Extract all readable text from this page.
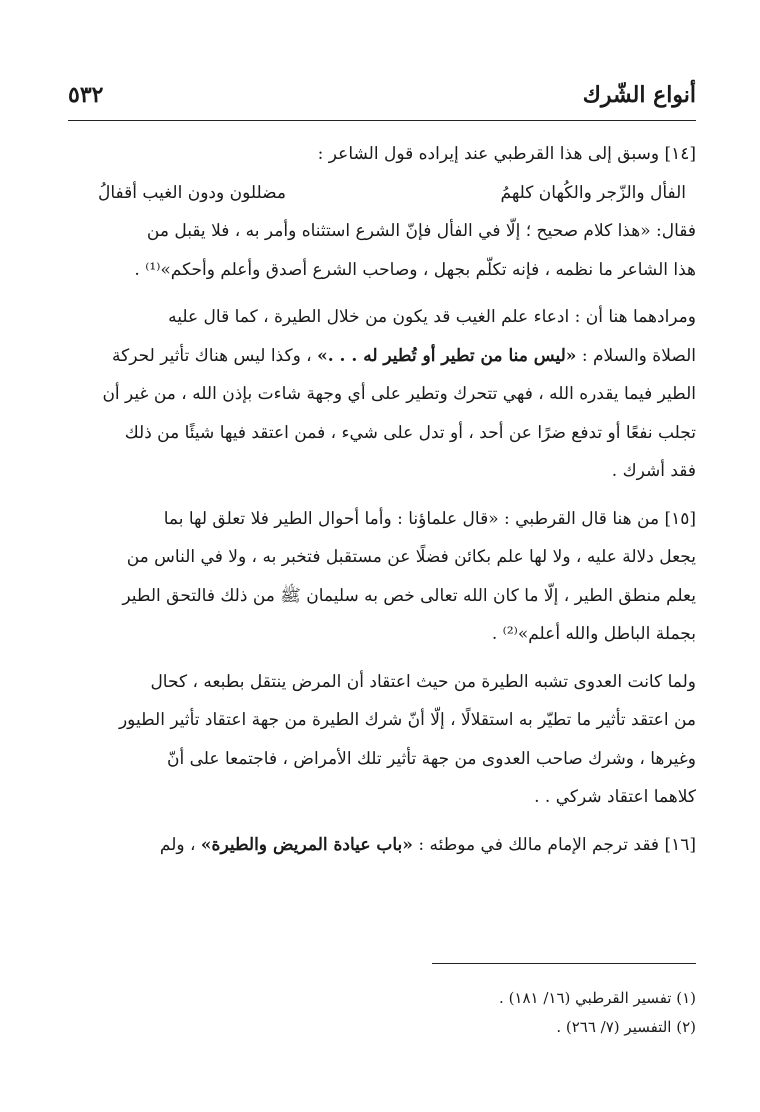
٥٣٢	أنواع الشّرك

[١٤] وسبق إلى هذا القرطبي عند إيراده قول الشاعر :

الفأل والزّجر والكُهان كلهمُ
مضللون ودون الغيب أقفالُ

فقال: «هذا كلام صحيح ؛ إلّا في الفأل فإنّ الشرع استثناه وأمر به ، فلا يقبل من

هذا الشاعر ما نظمه ، فإنه تكلّم بجهل ، وصاحب الشرع أصدق وأعلم وأحكم»⁽¹⁾ .

ومرادهما هنا أن : ادعاء علم الغيب قد يكون من خلال الطيرة ، كما قال عليه

الصلاة والسلام : «ليس منا من تطير أو تُطير له . . .» ، وكذا ليس هناك تأثير لحركة

الطير فيما يقدره الله ، فهي تتحرك وتطير على أي وجهة شاءت بإذن الله ، من غير أن

تجلب نفعًا أو تدفع ضرًا عن أحد ، أو تدل على شيء ، فمن اعتقد فيها شيئًا من ذلك

فقد أشرك .

[١٥] من هنا قال القرطبي : «قال علماؤنا : وأما أحوال الطير فلا تعلق لها بما

يجعل دلالة عليه ، ولا لها علم بكائن فضلًا عن مستقبل فتخبر به ، ولا في الناس من

يعلم منطق الطير ، إلّا ما كان الله تعالى خص به سليمان ﷺ من ذلك فالتحق الطير

بجملة الباطل والله أعلم»⁽²⁾ .

ولما كانت العدوى تشبه الطيرة من حيث اعتقاد أن المرض ينتقل بطبعه ، كحال

من اعتقد تأثير ما تطيّر به استقلالًا ، إلّا أنّ شرك الطيرة من جهة اعتقاد تأثير الطيور

وغيرها ، وشرك صاحب العدوى من جهة تأثير تلك الأمراض ، فاجتمعا على أنّ

كلاهما اعتقاد شركي . .

[١٦] فقد ترجم الإمام مالك في موطئه : «باب عيادة المريض والطيرة» ، ولم

(١) تفسير القرطبي (١٦/ ١٨١) .

(٢) التفسير (٧/ ٢٦٦) .
